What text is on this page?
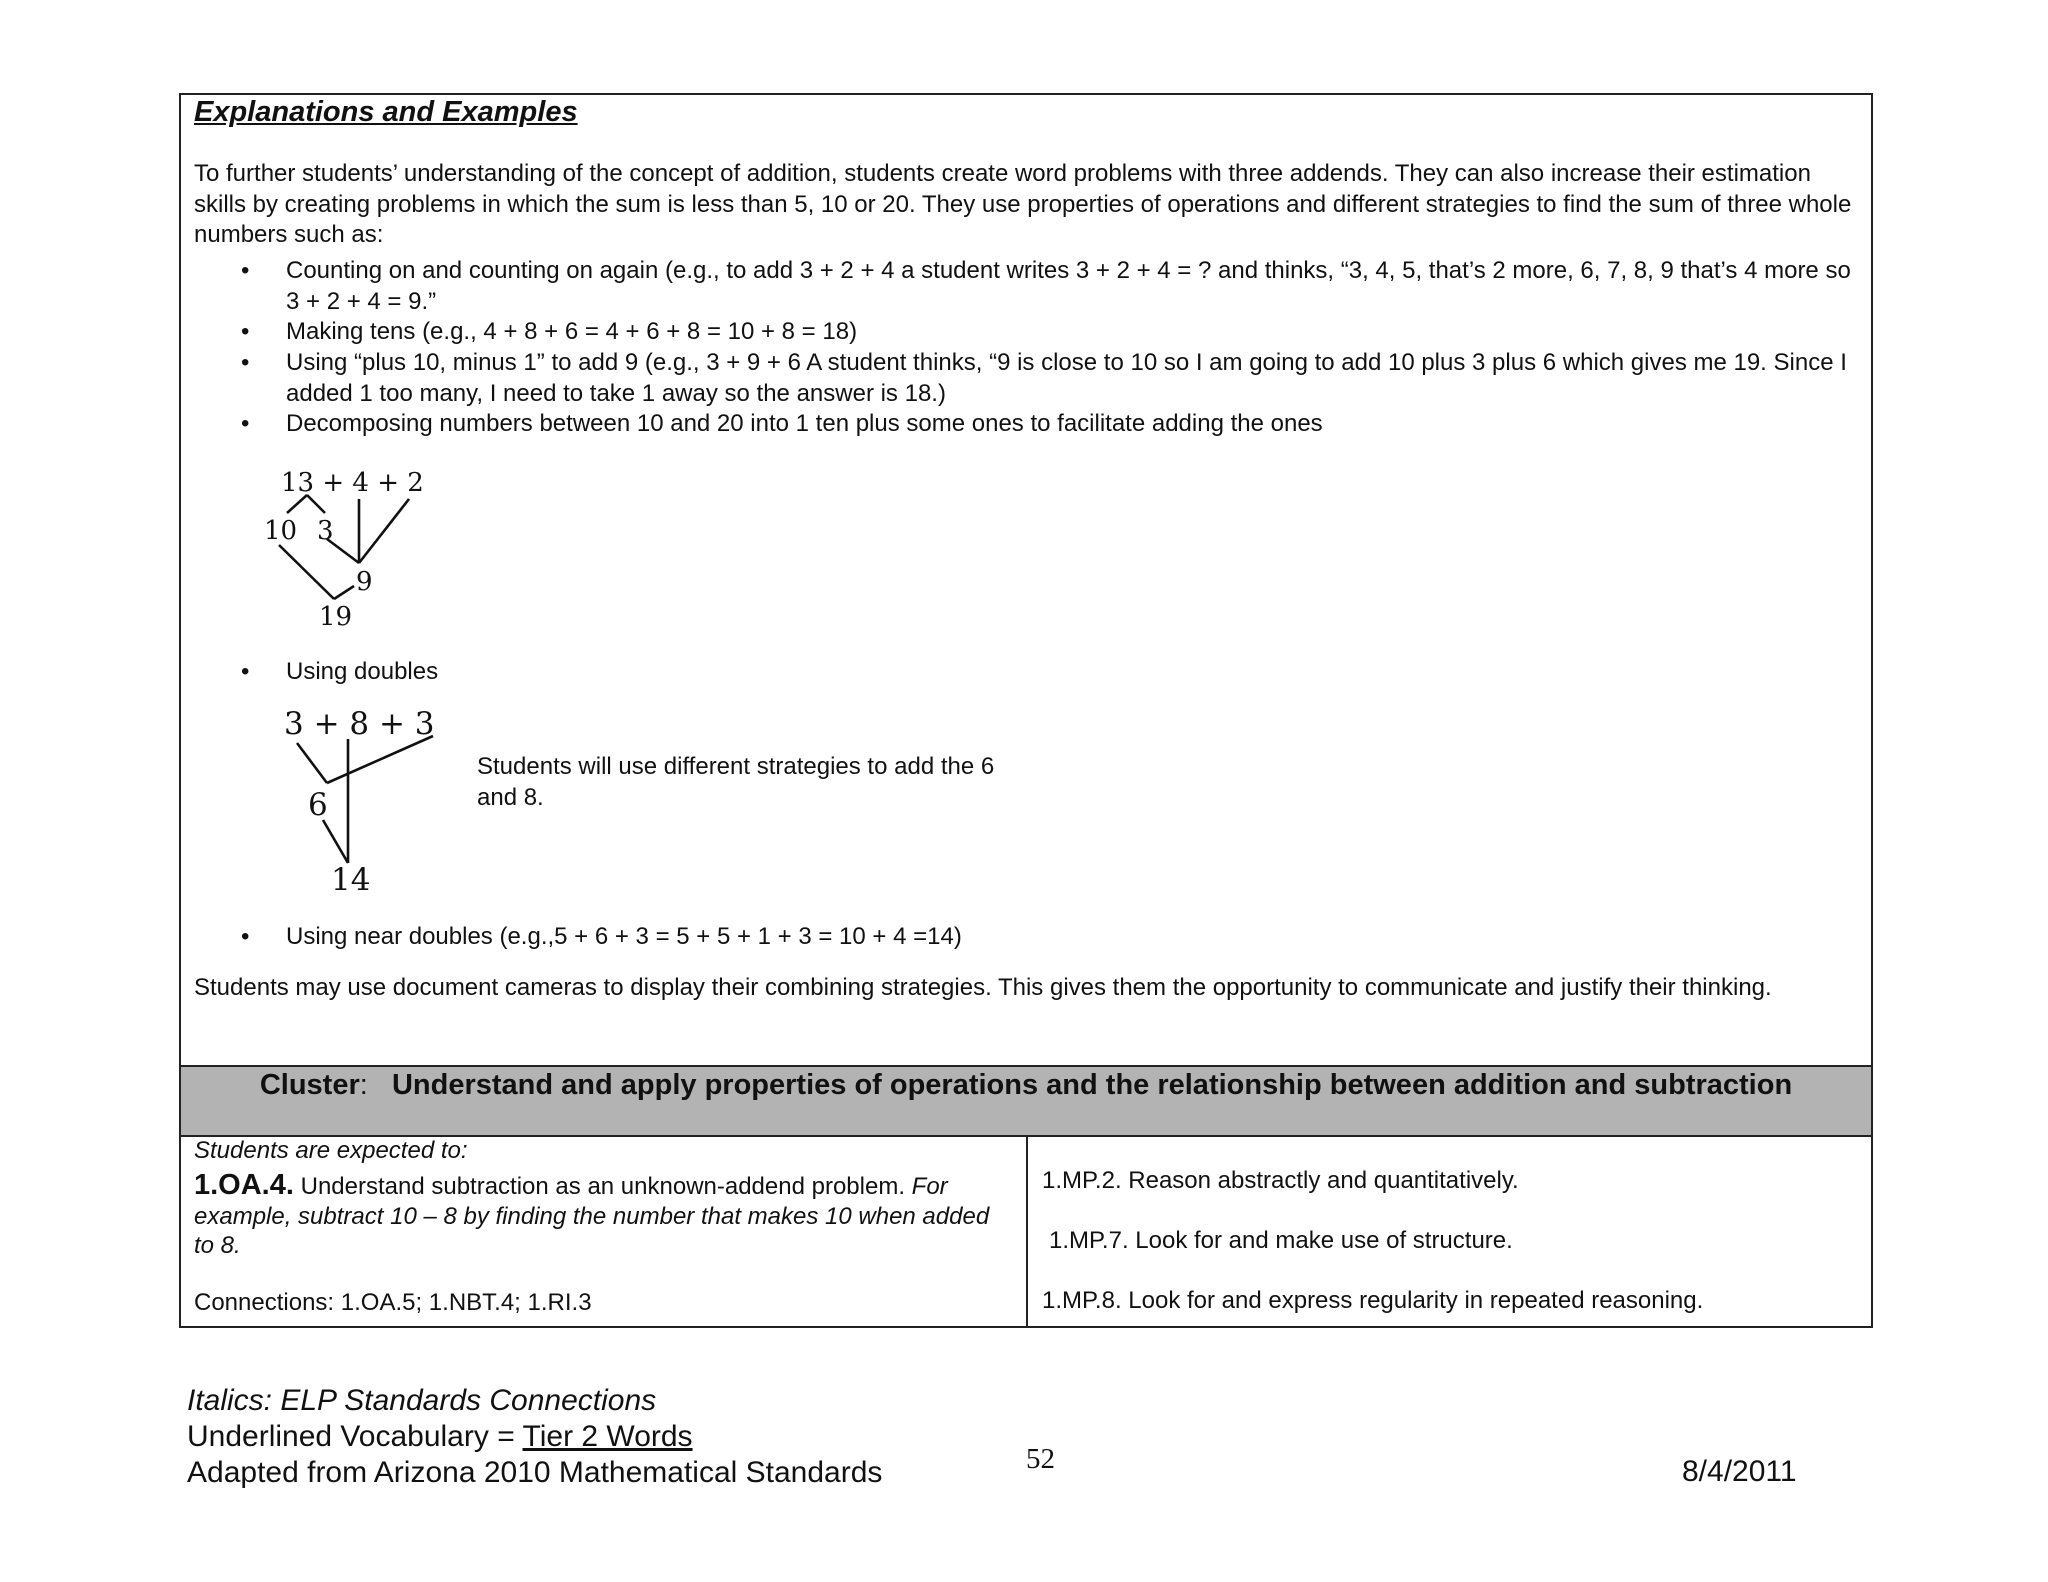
Explanations and Examples

To further students’ understanding of the concept of addition, students create word problems with three addends. They can also increase their estimation skills by creating problems in which the sum is less than 5, 10 or 20. They use properties of operations and different strategies to find the sum of three whole numbers such as:

•	Counting on and counting on again (e.g., to add 3 + 2 + 4 a student writes 3 + 2 + 4 = ? and thinks, “3, 4, 5, that’s 2 more, 6, 7, 8, 9 that’s 4 more so 3 + 2 + 4 = 9.”
•	Making tens (e.g., 4 + 8 + 6 = 4 + 6 + 8 = 10 + 8 = 18)
•	Using “plus 10, minus 1” to add 9 (e.g., 3 + 9 + 6 A student thinks, “9 is close to 10 so I am going to add 10 plus 3 plus 6 which gives me 19. Since I added 1 too many, I need to take 1 away so the answer is 18.)
•	Decomposing numbers between 10 and 20 into 1 ten plus some ones to facilitate adding the ones
•	Using doubles
•	Using near doubles (e.g.,5 + 6 + 3 = 5 + 5 + 1 + 3 = 10 + 4 =14)
13 + 4 + 2
10 3
9
19
3 + 8 + 3
6
14
Students will use different strategies to add the 6 and 8.

Students may use document cameras to display their combining strategies. This gives them the opportunity to communicate and justify their thinking.

Cluster: Understand and apply properties of operations and the relationship between addition and subtraction
Students are expected to:
1.OA.4. Understand subtraction as an unknown-addend problem. For example, subtract 10 – 8 by finding the number that makes 10 when added to 8.
Connections: 1.OA.5; 1.NBT.4; 1.RI.3
1.MP.2. Reason abstractly and quantitatively.
1.MP.7. Look for and make use of structure.
1.MP.8. Look for and express regularity in repeated reasoning.
Italics: ELP Standards Connections
Underlined Vocabulary = Tier 2 Words
Adapted from Arizona 2010 Mathematical Standards	52	8/4/2011
